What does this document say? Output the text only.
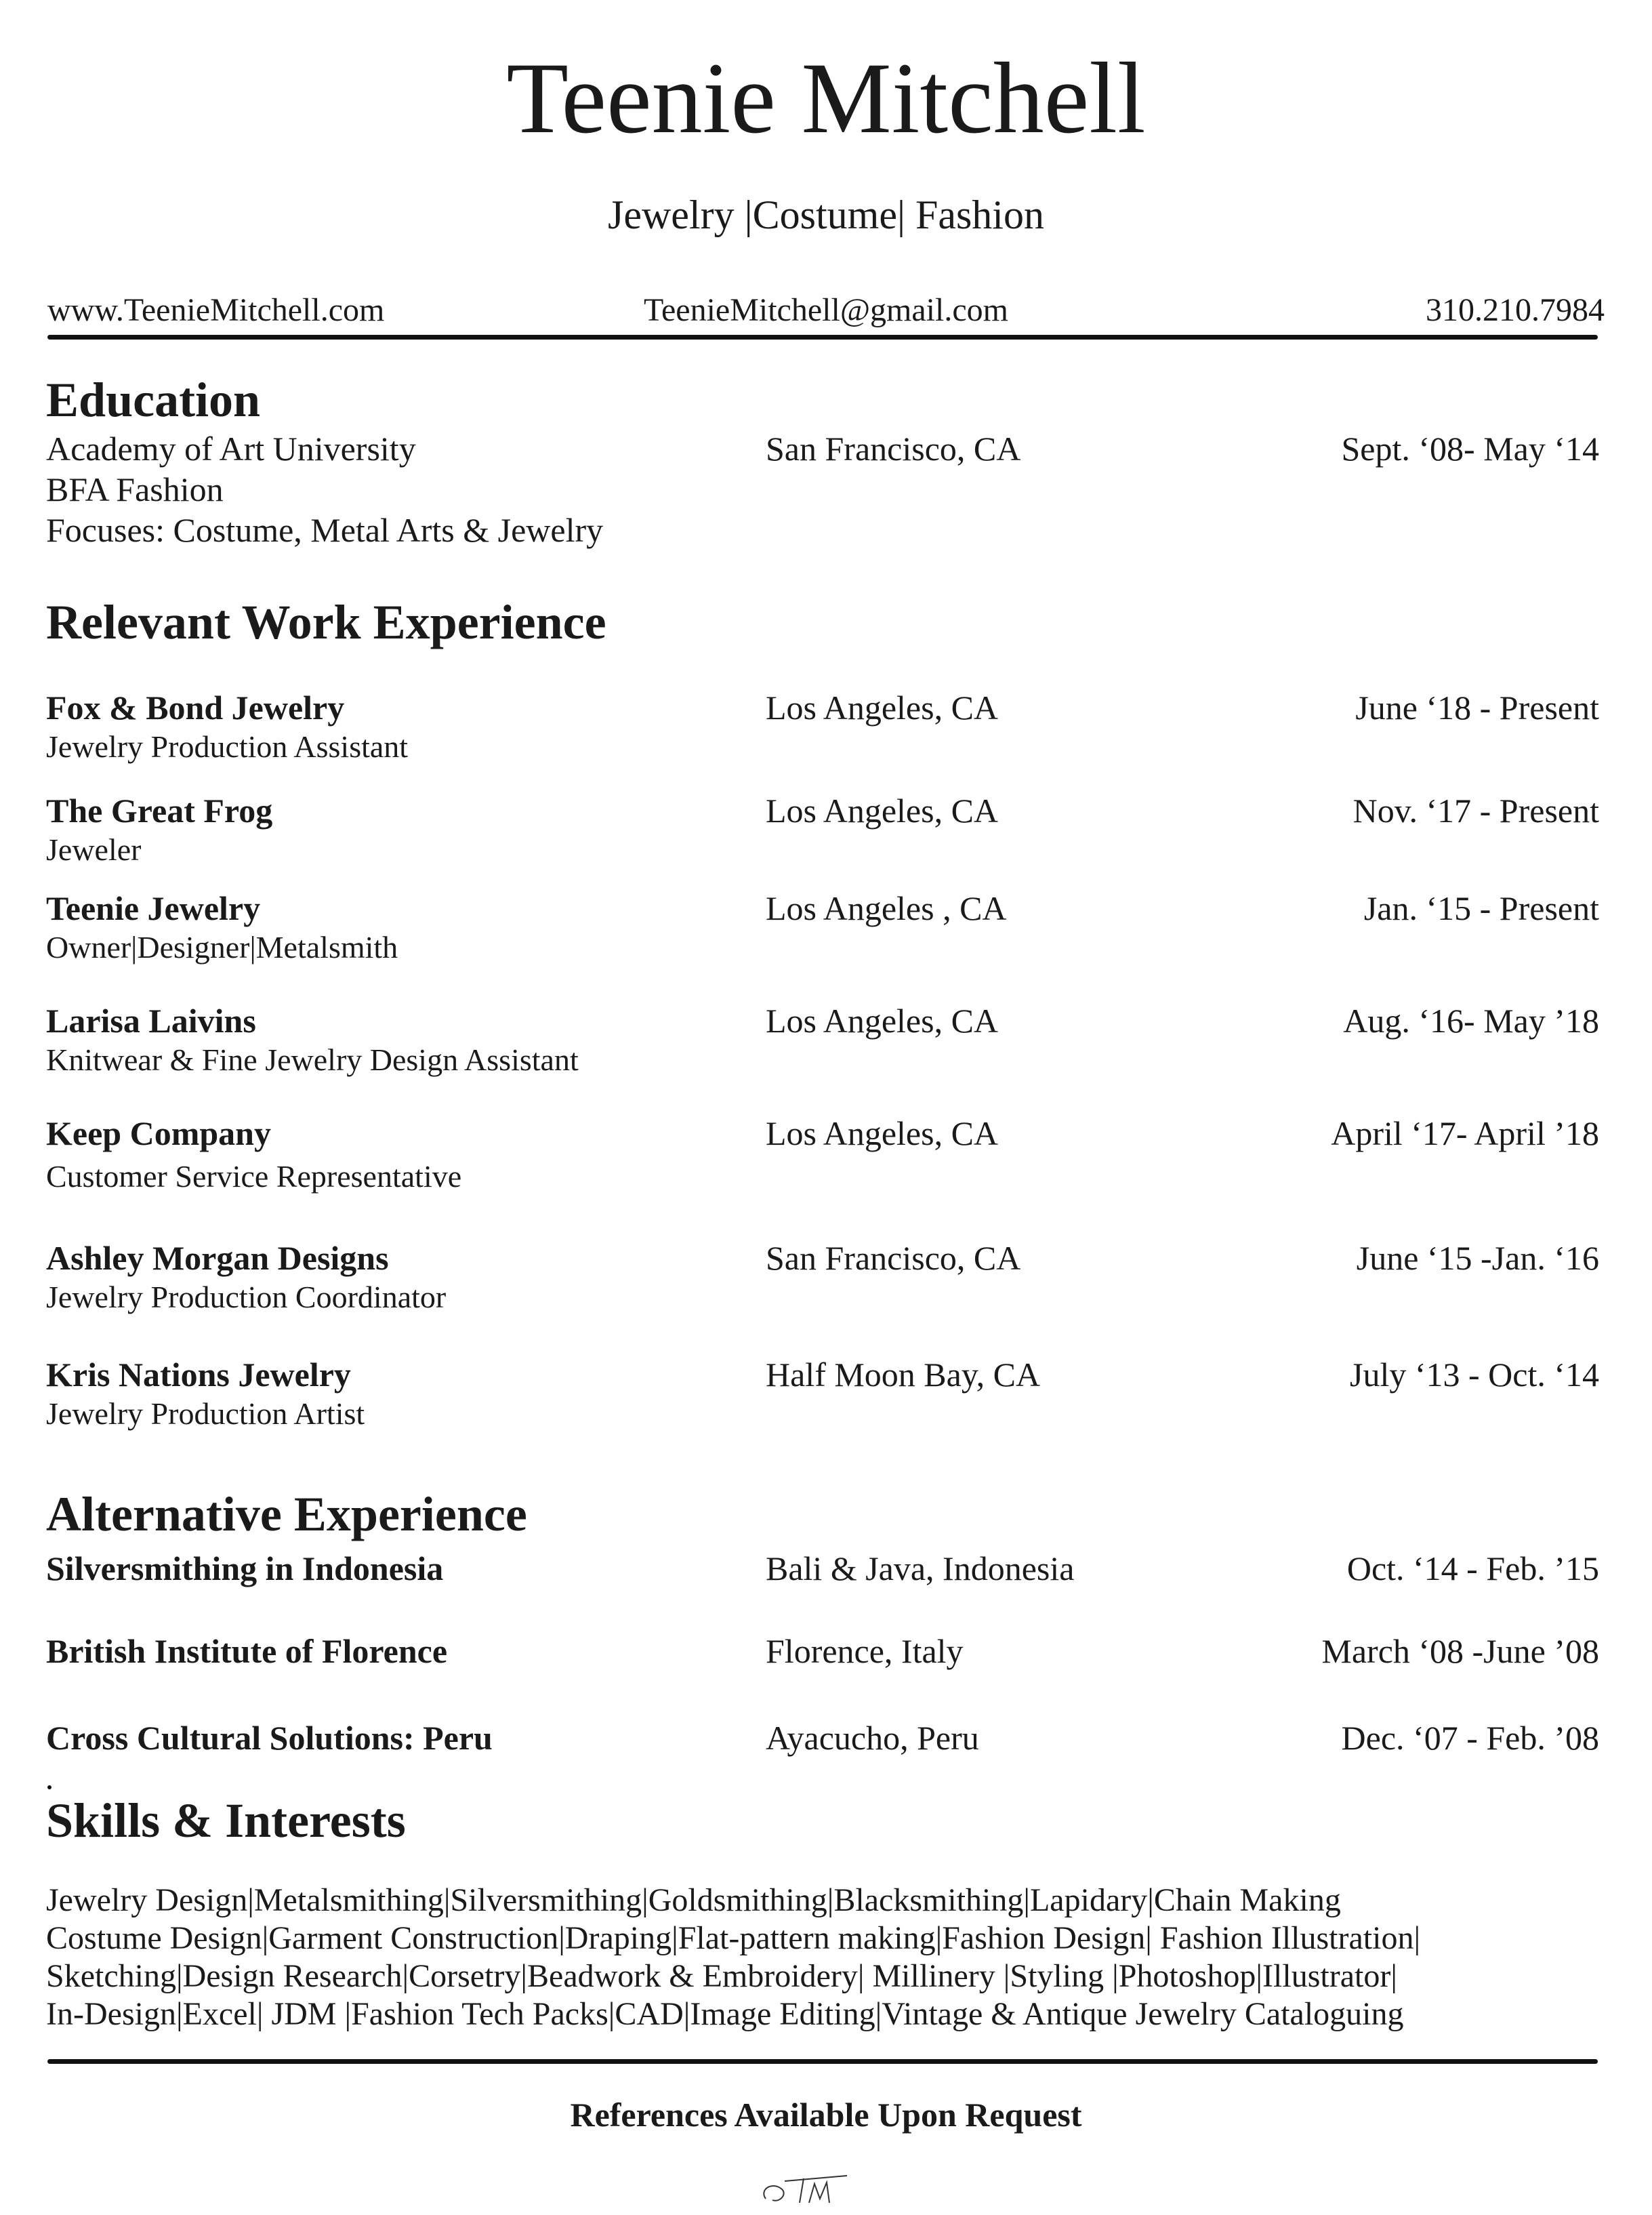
Teenie Mitchell
Jewelry |Costume| Fashion
www.TeenieMitchell.com	TeenieMitchell@gmail.com	310.210.7984
Education
Academy of Art University	San Francisco, CA	Sept. ‘08- May ‘14
BFA Fashion
Focuses: Costume, Metal Arts & Jewelry
Relevant Work Experience
Fox & Bond Jewelry	Los Angeles, CA	June ‘18 - Present
Jewelry Production Assistant
The Great Frog	Los Angeles, CA	Nov. ‘17 - Present
Jeweler
Teenie Jewelry	Los Angeles , CA	Jan. ‘15 - Present
Owner|Designer|Metalsmith
Larisa Laivins	Los Angeles, CA	Aug. ‘16- May ’18
Knitwear & Fine Jewelry Design Assistant
Keep Company	Los Angeles, CA	April ‘17- April ’18
Customer Service Representative
Ashley Morgan Designs	San Francisco, CA	June ‘15 -Jan. ‘16
Jewelry Production Coordinator
Kris Nations Jewelry	Half Moon Bay, CA	July ‘13 - Oct. ‘14
Jewelry Production Artist
Alternative Experience
Silversmithing in Indonesia	Bali & Java, Indonesia	Oct. ‘14 - Feb. ’15
British Institute of Florence	Florence, Italy	March ‘08 -June ’08
Cross Cultural Solutions: Peru	Ayacucho, Peru	Dec. ‘07 - Feb. ’08
Skills & Interests
Jewelry Design|Metalsmithing|Silversmithing|Goldsmithing|Blacksmithing|Lapidary|Chain Making
Costume Design|Garment Construction|Draping|Flat-pattern making|Fashion Design| Fashion Illustration|
Sketching|Design Research|Corsetry|Beadwork & Embroidery| Millinery |Styling |Photoshop|Illustrator|
In-Design|Excel| JDM |Fashion Tech Packs|CAD|Image Editing|Vintage & Antique Jewelry Cataloguing
References Available Upon Request
